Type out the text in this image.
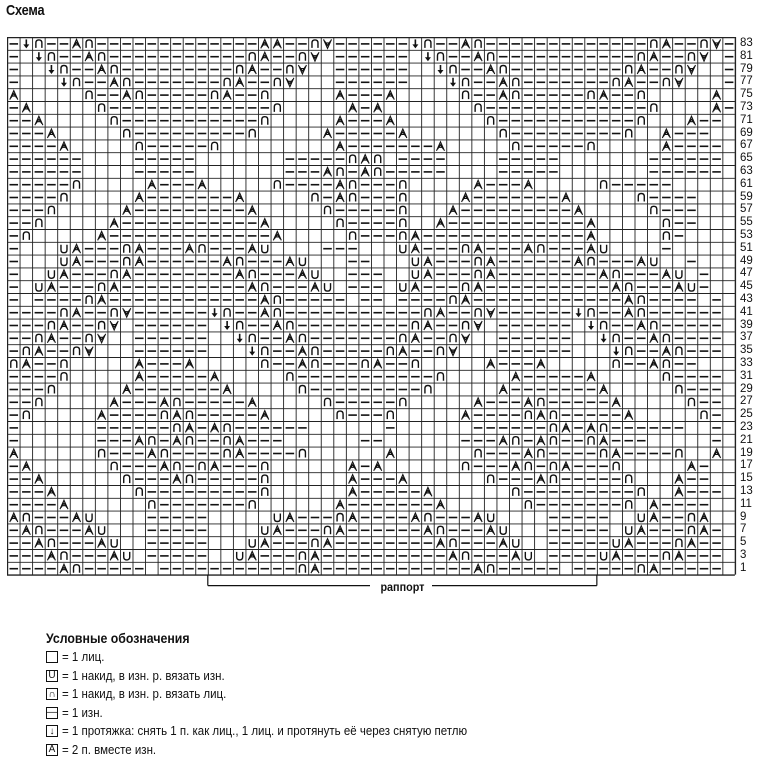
Схема
83
81
79
77
75
73
71
69
67
65
63
61
59
57
55
53
51
49
47
45
43
41
39
37
35
33
31
29
27
25
23
21
19
17
15
13
11
9
7
5
3
1
раппорт
Условные обозначения
= 1 лиц.
U = 1 накид, в изн. р. вязать изн.
∩ = 1 накид, в изн. р. вязать лиц.
— = 1 изн.
↓ = 1 протяжка: снять 1 п. как лиц., 1 лиц. и протянуть её через снятую петлю
A = 2 п. вместе изн.
